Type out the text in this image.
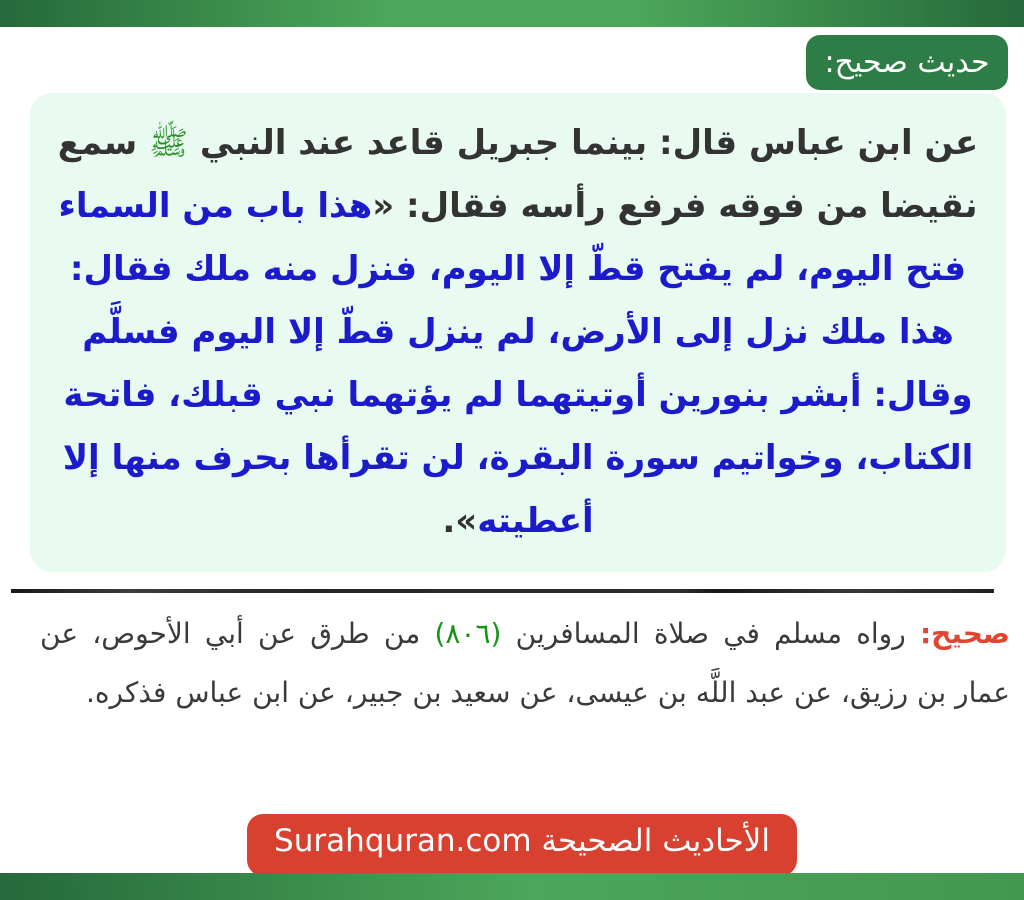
حديث صحيح:

عن ابن عباس قال: بينما جبريل قاعد عند النبي ﷺ سمع نقيضا من فوقه فرفع رأسه فقال: «هذا باب من السماء فتح اليوم، لم يفتح قطّ إلا اليوم، فنزل منه ملك فقال: هذا ملك نزل إلى الأرض، لم ينزل قطّ إلا اليوم فسلَّم وقال: أبشر بنورين أوتيتهما لم يؤتهما نبي قبلك، فاتحة الكتاب، وخواتيم سورة البقرة، لن تقرأها بحرف منها إلا أعطيته».

صحيح: رواه مسلم في صلاة المسافرين (٨٠٦) من طرق عن أبي الأحوص، عن عمار بن رزيق، عن عبد اللَّه بن عيسى، عن سعيد بن جبير، عن ابن عباس فذكره.

الأحاديث الصحيحة Surahquran.com
